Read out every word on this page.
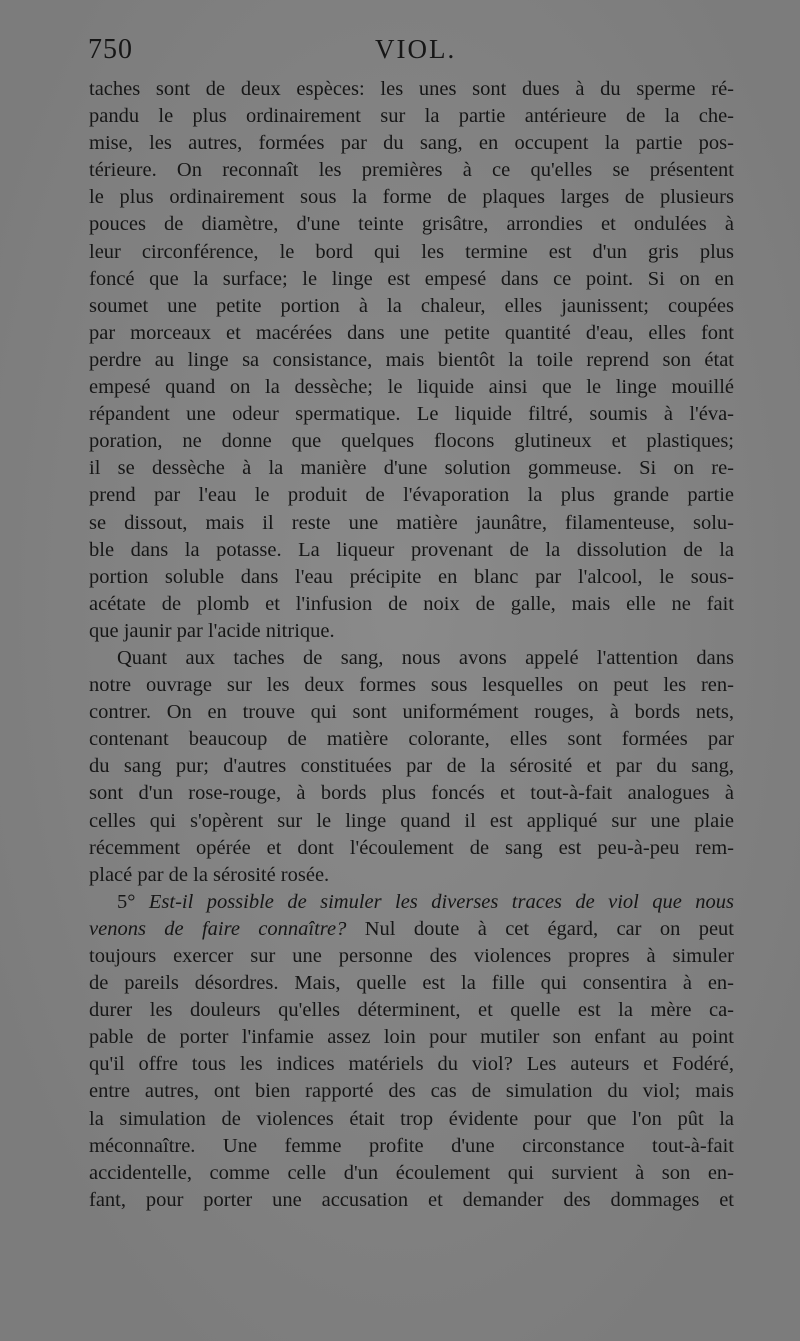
750	VIOL.
taches sont de deux espèces: les unes sont dues à du sperme ré-
pandu le plus ordinairement sur la partie antérieure de la che-
mise, les autres, formées par du sang, en occupent la partie pos-
térieure. On reconnaît les premières à ce qu'elles se présentent
le plus ordinairement sous la forme de plaques larges de plusieurs
pouces de diamètre, d'une teinte grisâtre, arrondies et ondulées à
leur circonférence, le bord qui les termine est d'un gris plus
foncé que la surface; le linge est empesé dans ce point. Si on en
soumet une petite portion à la chaleur, elles jaunissent; coupées
par morceaux et macérées dans une petite quantité d'eau, elles font
perdre au linge sa consistance, mais bientôt la toile reprend son état
empesé quand on la dessèche; le liquide ainsi que le linge mouillé
répandent une odeur spermatique. Le liquide filtré, soumis à l'éva-
poration, ne donne que quelques flocons glutineux et plastiques;
il se dessèche à la manière d'une solution gommeuse. Si on re-
prend par l'eau le produit de l'évaporation la plus grande partie
se dissout, mais il reste une matière jaunâtre, filamenteuse, solu-
ble dans la potasse. La liqueur provenant de la dissolution de la
portion soluble dans l'eau précipite en blanc par l'alcool, le sous-
acétate de plomb et l'infusion de noix de galle, mais elle ne fait
que jaunir par l'acide nitrique.
Quant aux taches de sang, nous avons appelé l'attention dans
notre ouvrage sur les deux formes sous lesquelles on peut les ren-
contrer. On en trouve qui sont uniformément rouges, à bords nets,
contenant beaucoup de matière colorante, elles sont formées par
du sang pur; d'autres constituées par de la sérosité et par du sang,
sont d'un rose-rouge, à bords plus foncés et tout-à-fait analogues à
celles qui s'opèrent sur le linge quand il est appliqué sur une plaie
récemment opérée et dont l'écoulement de sang est peu-à-peu rem-
placé par de la sérosité rosée.
5° Est-il possible de simuler les diverses traces de viol que nous
venons de faire connaître? Nul doute à cet égard, car on peut
toujours exercer sur une personne des violences propres à simuler
de pareils désordres. Mais, quelle est la fille qui consentira à en-
durer les douleurs qu'elles déterminent, et quelle est la mère ca-
pable de porter l'infamie assez loin pour mutiler son enfant au point
qu'il offre tous les indices matériels du viol? Les auteurs et Fodéré,
entre autres, ont bien rapporté des cas de simulation du viol; mais
la simulation de violences était trop évidente pour que l'on pût la
méconnaître. Une femme profite d'une circonstance tout-à-fait
accidentelle, comme celle d'un écoulement qui survient à son en-
fant, pour porter une accusation et demander des dommages et
